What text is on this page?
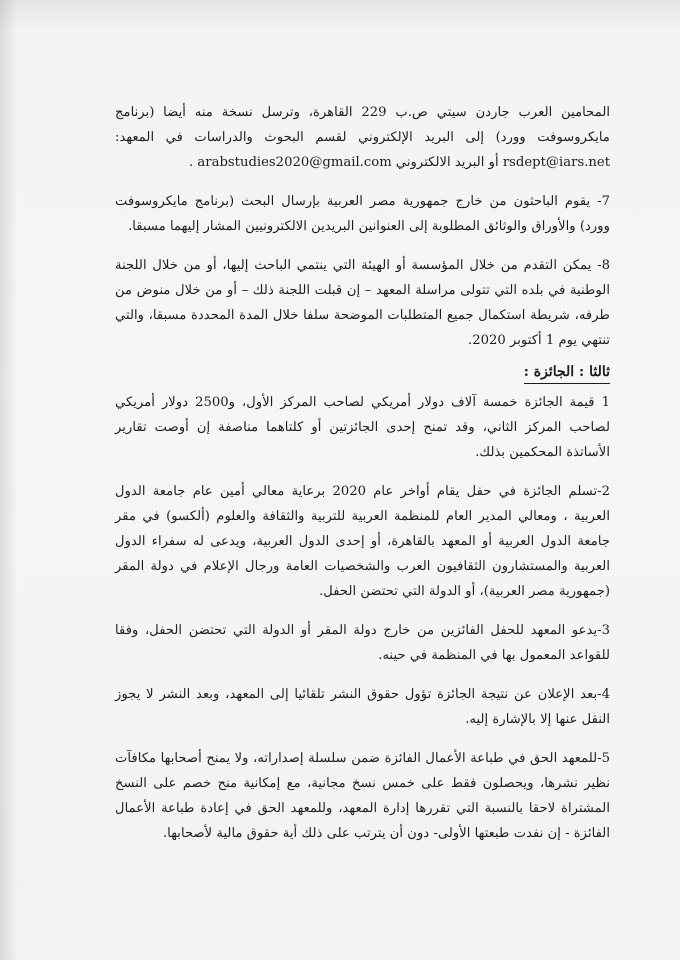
المحامين العرب جاردن سيتي ص.ب 229 القاهرة، وترسل نسخة منه أيضا (برنامج مايكروسوفت وورد) إلى البريد الإلكتروني لقسم البحوث والدراسات في المعهد: rsdept@iars.net أو البريد الالكتروني arabstudies2020@gmail.com .

7- يقوم الباحثون من خارج جمهورية مصر العربية بإرسال البحث (برنامج مايكروسوفت وورد) والأوراق والوثائق المطلوبة إلى العنوانين البريدين الالكترونيين المشار إليهما مسبقا.

8- يمكن التقدم من خلال المؤسسة أو الهيئة التي ينتمي الباحث إليها، أو من خلال اللجنة الوطنية في بلده التي تتولى مراسلة المعهد – إن قبلت اللجنة ذلك – أو من خلال منوض من طرفه، شريطة استكمال جميع المتطلبات الموضحة سلفا خلال المدة المحددة مسبقا، والتي تنتهي يوم 1 أكتوبر 2020.

ثالثا : الجائزة :

1 قيمة الجائزة خمسة آلاف دولار أمريكي لصاحب المركز الأول، و2500 دولار أمريكي لصاحب المركز الثاني، وقد تمنح إحدى الجائزتين أو كلتاهما مناصفة إن أوصت تقارير الأساتذة المحكمين بذلك.

2-تسلم الجائزة في حفل يقام أواخر عام 2020 برعاية معالي أمين عام جامعة الدول العربية ، ومعالي المدير العام للمنظمة العربية للتربية والثقافة والعلوم (ألكسو) في مقر جامعة الدول العربية أو المعهد بالقاهرة، أو إحدى الدول العربية، ويدعى له سفراء الدول العربية والمستشارون الثقافيون العرب والشخصيات العامة ورجال الإعلام في دولة المقر (جمهورية مصر العربية)، أو الدولة التي تحتضن الحفل.

3-يدعو المعهد للحفل الفائزين من خارج دولة المقر أو الدولة التي تحتضن الحفل، وفقا للقواعد المعمول بها في المنظمة في حينه.

4-بعد الإعلان عن نتيجة الجائزة تؤول حقوق النشر تلقائيا إلى المعهد، وبعد النشر لا يجوز النقل عنها إلا بالإشارة إليه.

5-للمعهد الحق في طباعة الأعمال الفائزة ضمن سلسلة إصداراته، ولا يمنح أصحابها مكافآت نظير نشرها، ويحصلون فقط على خمس نسخ مجانية، مع إمكانية منح خصم على النسخ المشتراة لاحقا بالنسبة التي تقررها إدارة المعهد، وللمعهد الحق في إعادة طباعة الأعمال الفائزة - إن نفدت طبعتها الأولى- دون أن يترتب على ذلك أية حقوق مالية لأصحابها.
